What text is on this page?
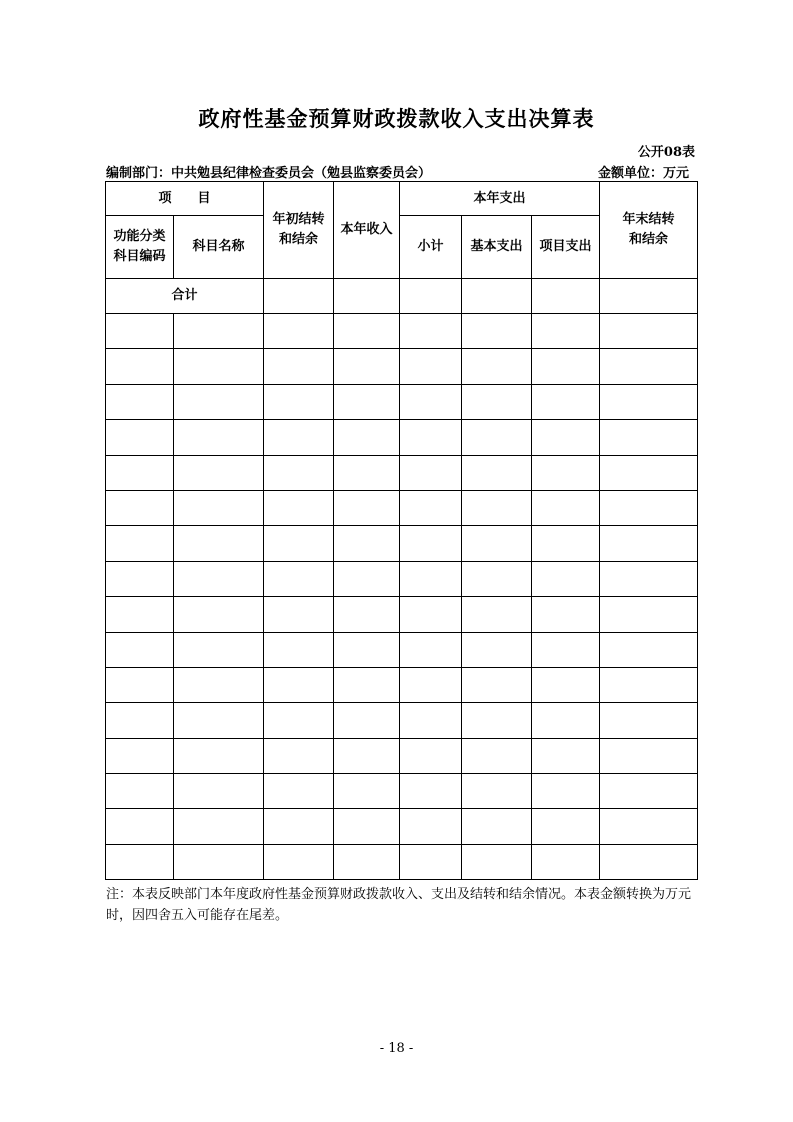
政府性基金预算财政拨款收入支出决算表
公开08表
编制部门：中共勉县纪律检查委员会（勉县监察委员会）	金额单位：万元
项　　目		年初结转和结余	本年收入	本年支出			年末结转和结余
功能分类科目编码	科目名称			小计	基本支出	项目支出	
合计							

注：本表反映部门本年度政府性基金预算财政拨款收入、支出及结转和结余情况。本表金额转换为万元时，因四舍五入可能存在尾差。
- 18 -
